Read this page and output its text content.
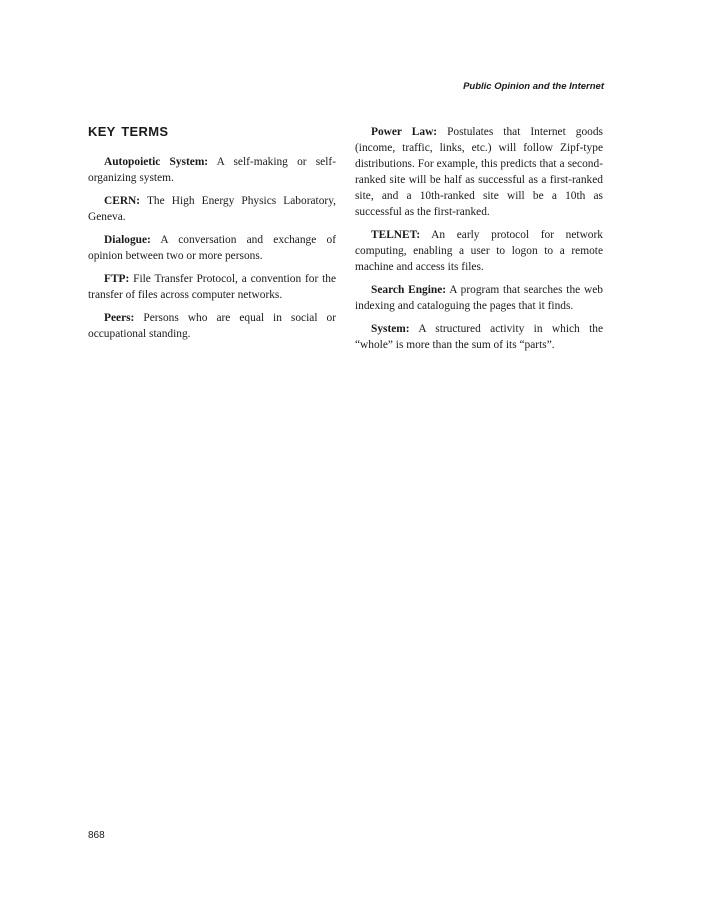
Public Opinion and the Internet
KEY TERMS

Autopoietic System: A self-making or self-organizing system.

CERN: The High Energy Physics Laboratory, Geneva.

Dialogue: A conversation and exchange of opinion between two or more persons.

FTP: File Transfer Protocol, a convention for the transfer of files across computer networks.

Peers: Persons who are equal in social or occupational standing.

Power Law: Postulates that Internet goods (income, traffic, links, etc.) will follow Zipf-type distributions. For example, this predicts that a second-ranked site will be half as successful as a first-ranked site, and a 10th-ranked site will be a 10th as successful as the first-ranked.

TELNET: An early protocol for network computing, enabling a user to logon to a remote machine and access its files.

Search Engine: A program that searches the web indexing and cataloguing the pages that it finds.

System: A structured activity in which the “whole” is more than the sum of its “parts”.

868
